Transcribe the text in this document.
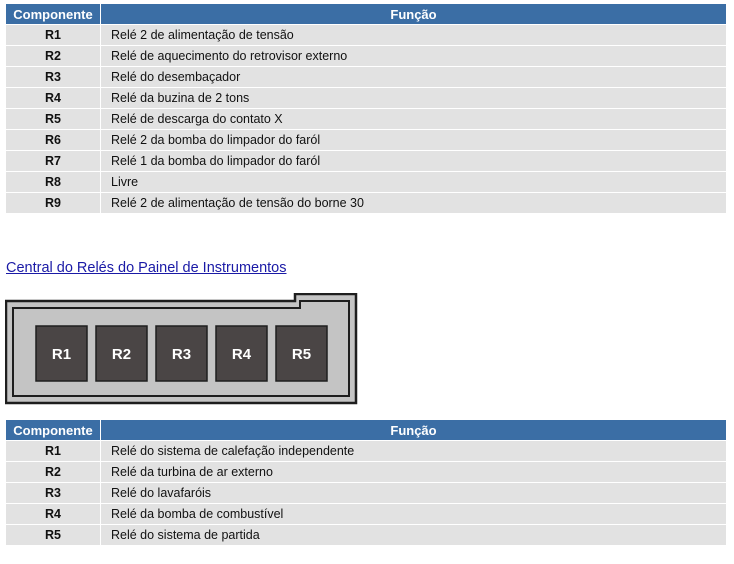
Componente	Função
R1	Relé 2 de alimentação de tensão
R2	Relé de aquecimento do retrovisor externo
R3	Relé do desembaçador
R4	Relé da buzina de 2 tons
R5	Relé de descarga do contato X
R6	Relé 2 da bomba do limpador do faról
R7	Relé 1 da bomba do limpador do faról
R8	Livre
R9	Relé 2 de alimentação de tensão do borne 30
Central do Relés do Painel de Instrumentos
R1	R2	R3	R4	R5
Componente	Função
R1	Relé do sistema de calefação independente
R2	Relé da turbina de ar externo
R3	Relé do lavafaróis
R4	Relé da bomba de combustível
R5	Relé do sistema de partida
